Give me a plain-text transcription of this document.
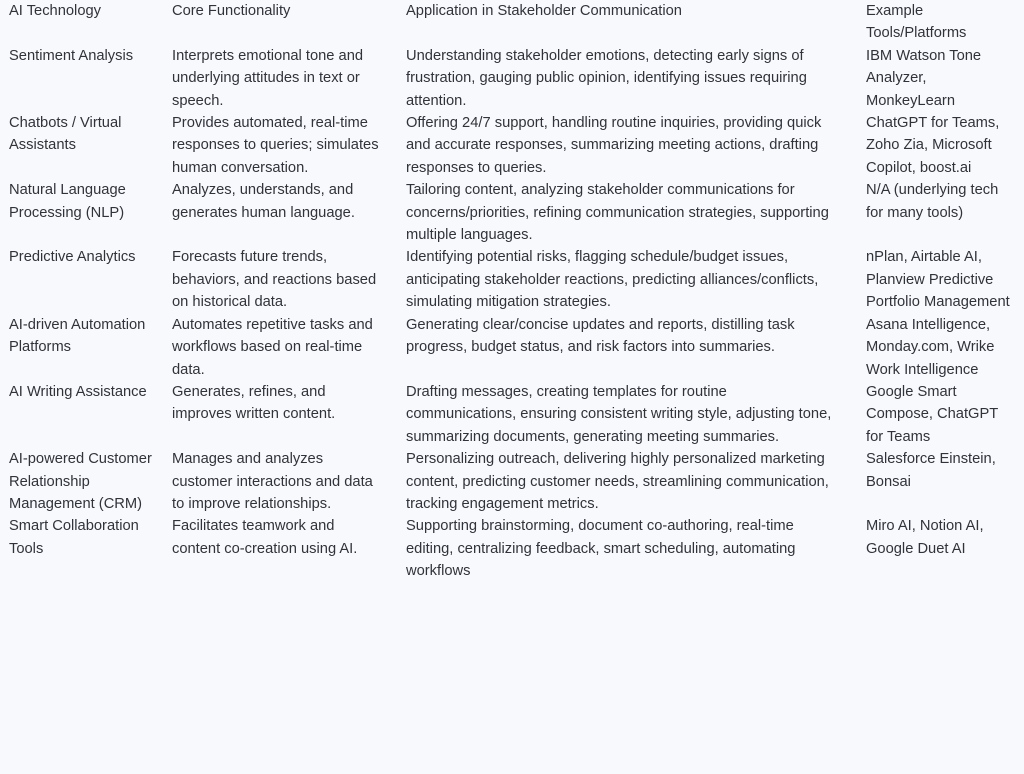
AI Technology	Core Functionality	Application in Stakeholder Communication	Example Tools/Platforms

Sentiment Analysis	Interprets emotional tone and underlying attitudes in text or speech.	Understanding stakeholder emotions, detecting early signs of frustration, gauging public opinion, identifying issues requiring attention.	IBM Watson Tone Analyzer, MonkeyLearn

Chatbots / Virtual Assistants	Provides automated, real-time responses to queries; simulates human conversation.	Offering 24/7 support, handling routine inquiries, providing quick and accurate responses, summarizing meeting actions, drafting responses to queries.	ChatGPT for Teams, Zoho Zia, Microsoft Copilot, boost.ai

Natural Language Processing (NLP)	Analyzes, understands, and generates human language.	Tailoring content, analyzing stakeholder communications for concerns/priorities, refining communication strategies, supporting multiple languages.	N/A (underlying tech for many tools)

Predictive Analytics	Forecasts future trends, behaviors, and reactions based on historical data.	Identifying potential risks, flagging schedule/budget issues, anticipating stakeholder reactions, predicting alliances/conflicts, simulating mitigation strategies.	nPlan, Airtable AI, Planview Predictive Portfolio Management

AI-driven Automation Platforms	Automates repetitive tasks and workflows based on real-time data.	Generating clear/concise updates and reports, distilling task progress, budget status, and risk factors into summaries.	Asana Intelligence, Monday.com, Wrike Work Intelligence

AI Writing Assistance	Generates, refines, and improves written content.	Drafting messages, creating templates for routine communications, ensuring consistent writing style, adjusting tone, summarizing documents, generating meeting summaries.	Google Smart Compose, ChatGPT for Teams

AI-powered Customer Relationship Management (CRM)	Manages and analyzes customer interactions and data to improve relationships.	Personalizing outreach, delivering highly personalized marketing content, predicting customer needs, streamlining communication, tracking engagement metrics.	Salesforce Einstein, Bonsai

Smart Collaboration Tools	Facilitates teamwork and content co-creation using AI.	Supporting brainstorming, document co-authoring, real-time editing, centralizing feedback, smart scheduling, automating workflows	Miro AI, Notion AI, Google Duet AI
